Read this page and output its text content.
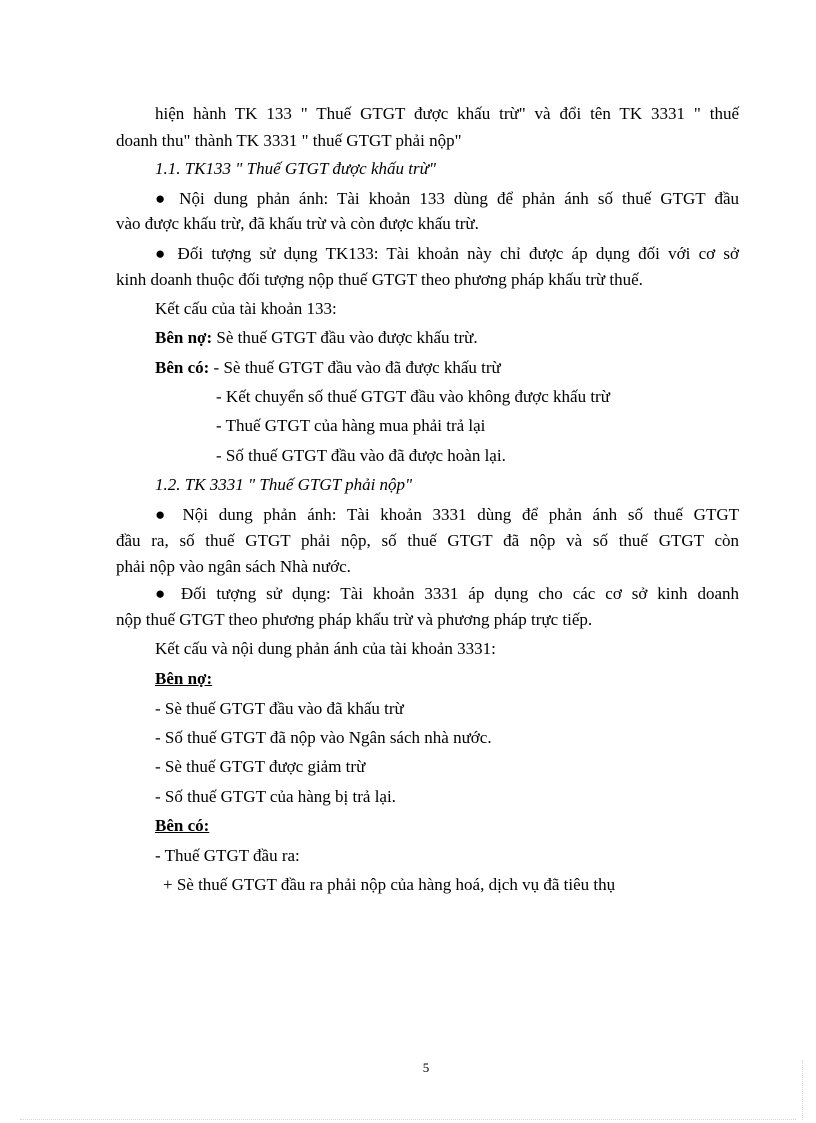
hiện hành TK 133 " Thuế GTGT được khấu trừ" và đổi tên TK 3331 " thuế

doanh thu" thành TK 3331 " thuế GTGT phải nộp"

1.1. TK133 " Thuế GTGT được khấu trừ"

● Nội dung phản ánh: Tài khoản 133 dùng để phản ánh số thuế GTGT đầu

vào được khấu trừ, đã khấu trừ và còn được khấu trừ.

● Đối tượng sử dụng TK133: Tài khoản này chỉ được áp dụng đối với cơ sở

kinh doanh thuộc đối tượng nộp thuế GTGT theo phương pháp khấu trừ thuế.

Kết cấu của tài khoản 133:

Bên nợ: Sè thuế GTGT đầu vào được khấu trừ.

Bên có: - Sè thuế GTGT đầu vào đã được khấu trừ

- Kết chuyển số thuế GTGT đầu vào không được khấu trừ

- Thuế GTGT của hàng mua phải trả lại

- Số thuế GTGT đầu vào đã được hoàn lại.

1.2. TK 3331 " Thuế GTGT phải nộp"

● Nội dung phản ánh: Tài khoản 3331 dùng để phản ánh số thuế GTGT

đầu ra, số thuế GTGT phải nộp, số thuế GTGT đã nộp và số thuế GTGT còn

phải nộp vào ngân sách Nhà nước.

● Đối tượng sử dụng: Tài khoản 3331 áp dụng cho các cơ sở kinh doanh

nộp thuế GTGT theo phương pháp khấu trừ và phương pháp trực tiếp.

Kết cấu và nội dung phản ánh của tài khoản 3331:

Bên nợ:

- Sè thuế GTGT đầu vào đã khấu trừ

- Số thuế GTGT đã nộp vào Ngân sách nhà nước.

- Sè thuế GTGT được giảm trừ

- Số thuế GTGT của hàng bị trả lại.

Bên có:

- Thuế GTGT đầu ra:

+ Sè thuế GTGT đầu ra phải nộp của hàng hoá, dịch vụ đã tiêu thụ

5
